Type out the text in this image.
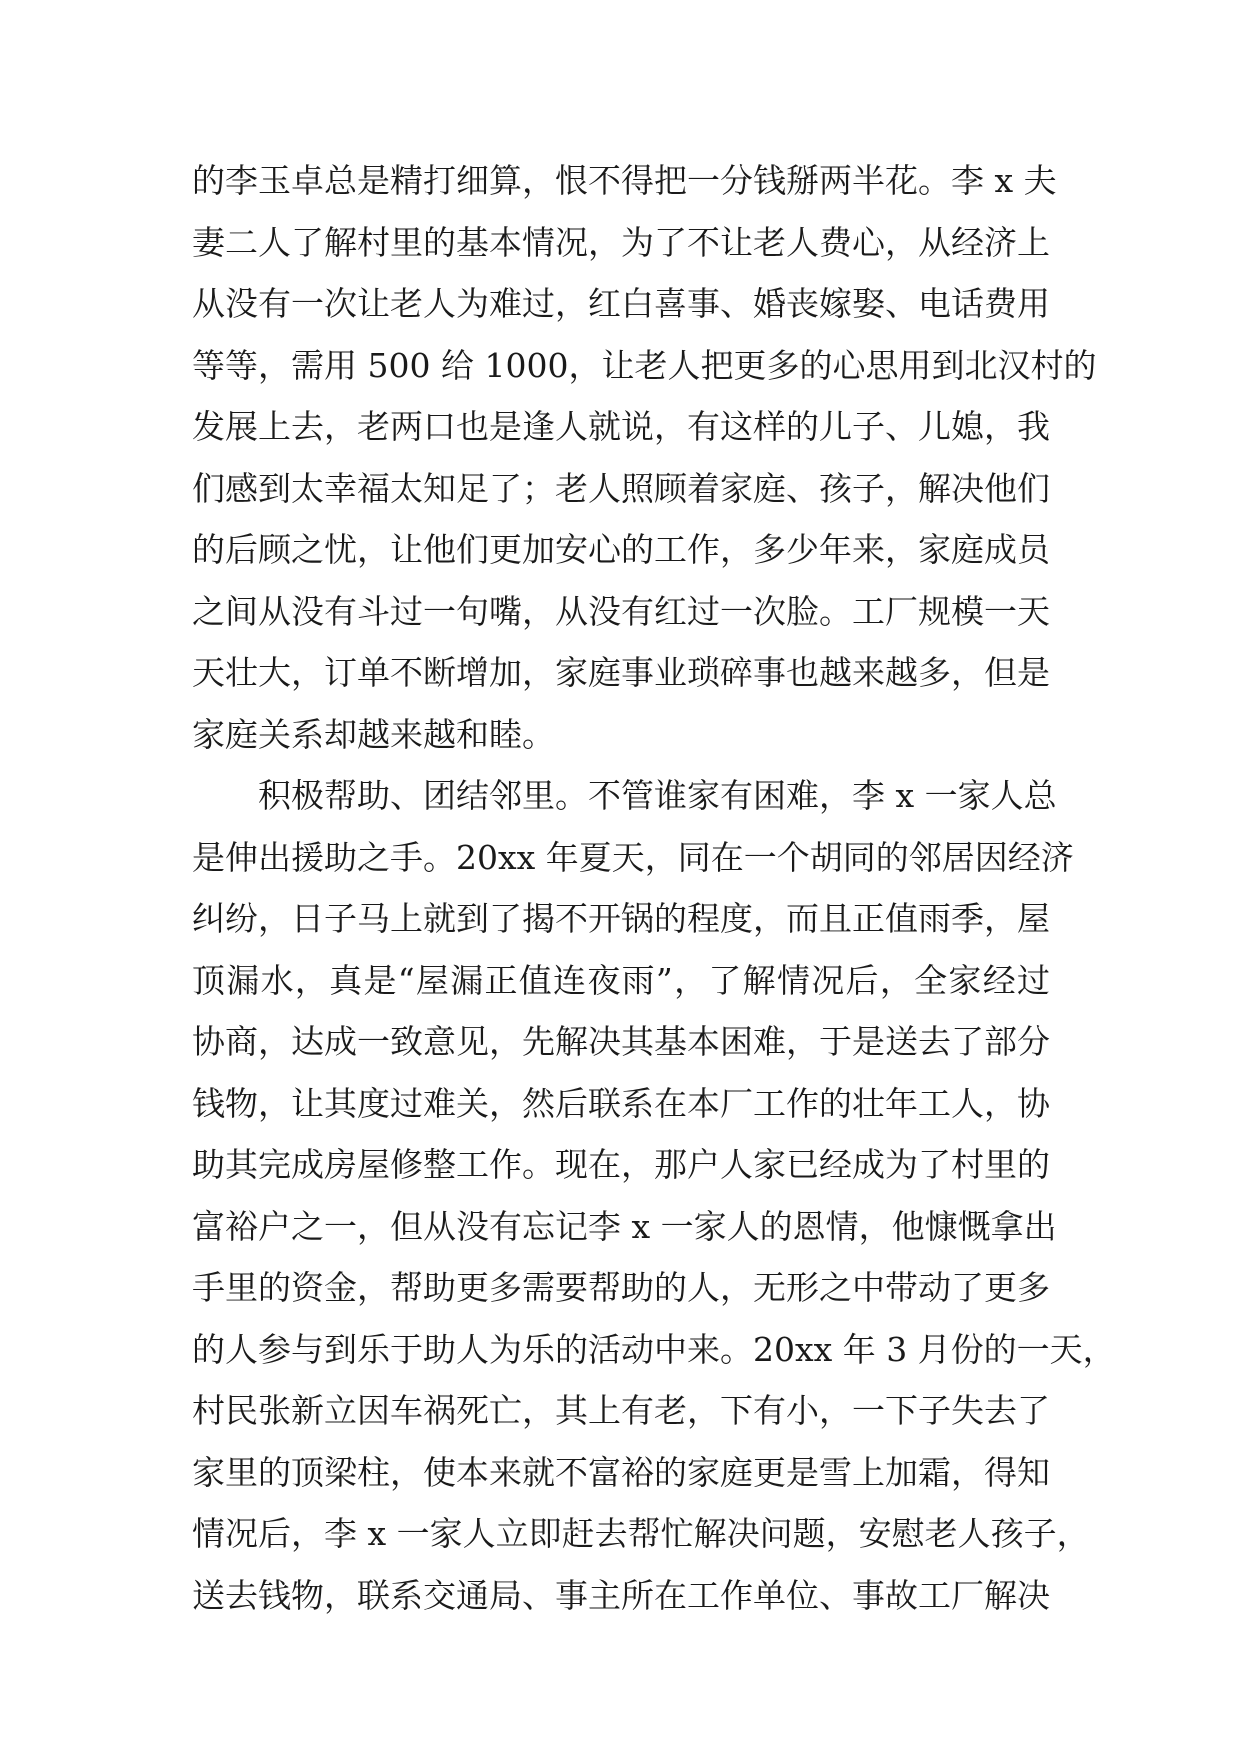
的李玉卓总是精打细算，恨不得把一分钱掰两半花。李 x 夫
妻二人了解村里的基本情况，为了不让老人费心，从经济上
从没有一次让老人为难过，红白喜事、婚丧嫁娶、电话费用
等等，需用 500 给 1000，让老人把更多的心思用到北汉村的
发展上去，老两口也是逢人就说，有这样的儿子、儿媳，我
们感到太幸福太知足了；老人照顾着家庭、孩子，解决他们
的后顾之忧，让他们更加安心的工作，多少年来，家庭成员
之间从没有斗过一句嘴，从没有红过一次脸。工厂规模一天
天壮大，订单不断增加，家庭事业琐碎事也越来越多，但是
家庭关系却越来越和睦。
积极帮助、团结邻里。不管谁家有困难，李 x 一家人总
是伸出援助之手。20xx 年夏天，同在一个胡同的邻居因经济
纠纷，日子马上就到了揭不开锅的程度，而且正值雨季，屋
顶漏水，真是“屋漏正值连夜雨”，了解情况后，全家经过
协商，达成一致意见，先解决其基本困难，于是送去了部分
钱物，让其度过难关，然后联系在本厂工作的壮年工人，协
助其完成房屋修整工作。现在，那户人家已经成为了村里的
富裕户之一，但从没有忘记李 x 一家人的恩情，他慷慨拿出
手里的资金，帮助更多需要帮助的人，无形之中带动了更多
的人参与到乐于助人为乐的活动中来。20xx 年 3 月份的一天，
村民张新立因车祸死亡，其上有老，下有小，一下子失去了
家里的顶梁柱，使本来就不富裕的家庭更是雪上加霜，得知
情况后，李 x 一家人立即赶去帮忙解决问题，安慰老人孩子，
送去钱物，联系交通局、事主所在工作单位、事故工厂解决
